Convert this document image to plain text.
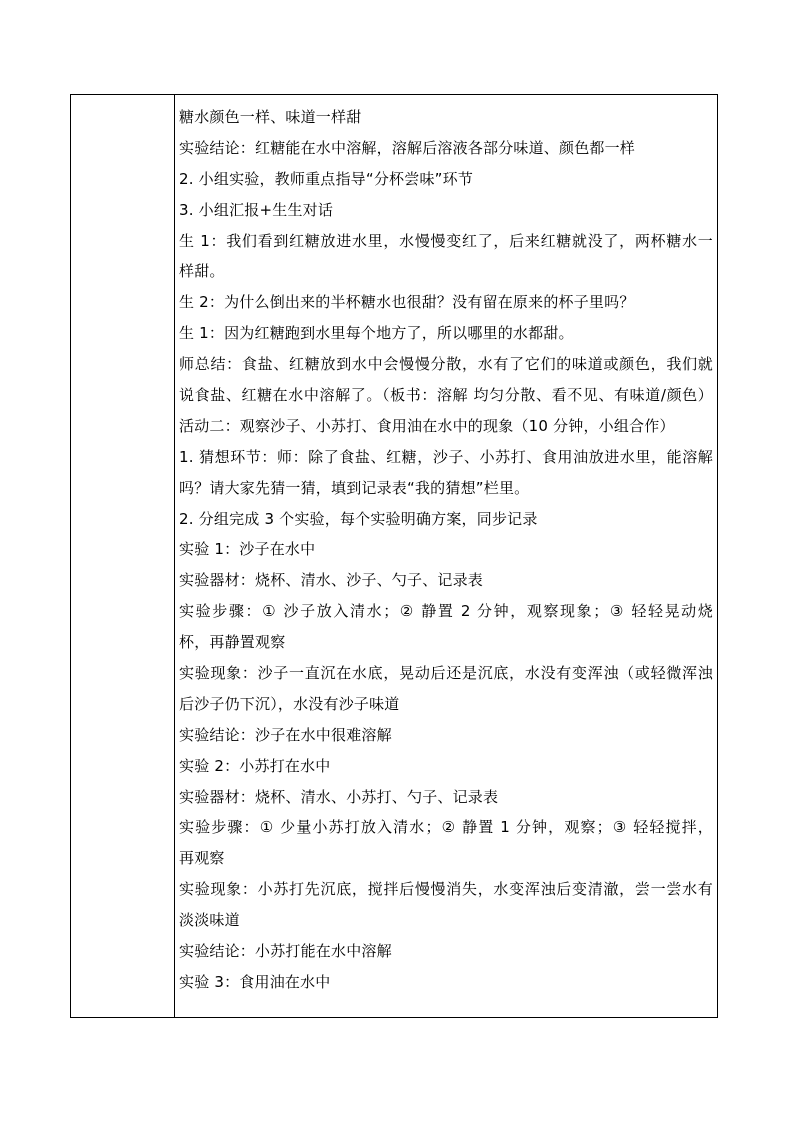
糖水颜色一样、味道一样甜
实验结论：红糖能在水中溶解，溶解后溶液各部分味道、颜色都一样
2. 小组实验，教师重点指导“分杯尝味”环节
3. 小组汇报+生生对话
生 1：我们看到红糖放进水里，水慢慢变红了，后来红糖就没了，两杯糖水一
样甜。
生 2：为什么倒出来的半杯糖水也很甜？没有留在原来的杯子里吗？
生 1：因为红糖跑到水里每个地方了，所以哪里的水都甜。
师总结：食盐、红糖放到水中会慢慢分散，水有了它们的味道或颜色，我们就
说食盐、红糖在水中溶解了。（板书：溶解 均匀分散、看不见、有味道/颜色）
活动二：观察沙子、小苏打、食用油在水中的现象（10 分钟，小组合作）
1. 猜想环节：师：除了食盐、红糖，沙子、小苏打、食用油放进水里，能溶解
吗？请大家先猜一猜，填到记录表“我的猜想”栏里。
2. 分组完成 3 个实验，每个实验明确方案，同步记录
实验 1：沙子在水中
实验器材：烧杯、清水、沙子、勺子、记录表
实验步骤：① 沙子放入清水；② 静置 2 分钟，观察现象；③ 轻轻晃动烧
杯，再静置观察
实验现象：沙子一直沉在水底，晃动后还是沉底，水没有变浑浊（或轻微浑浊
后沙子仍下沉），水没有沙子味道
实验结论：沙子在水中很难溶解
实验 2：小苏打在水中
实验器材：烧杯、清水、小苏打、勺子、记录表
实验步骤：① 少量小苏打放入清水；② 静置 1 分钟，观察；③ 轻轻搅拌，
再观察
实验现象：小苏打先沉底，搅拌后慢慢消失，水变浑浊后变清澈，尝一尝水有
淡淡味道
实验结论：小苏打能在水中溶解
实验 3：食用油在水中
